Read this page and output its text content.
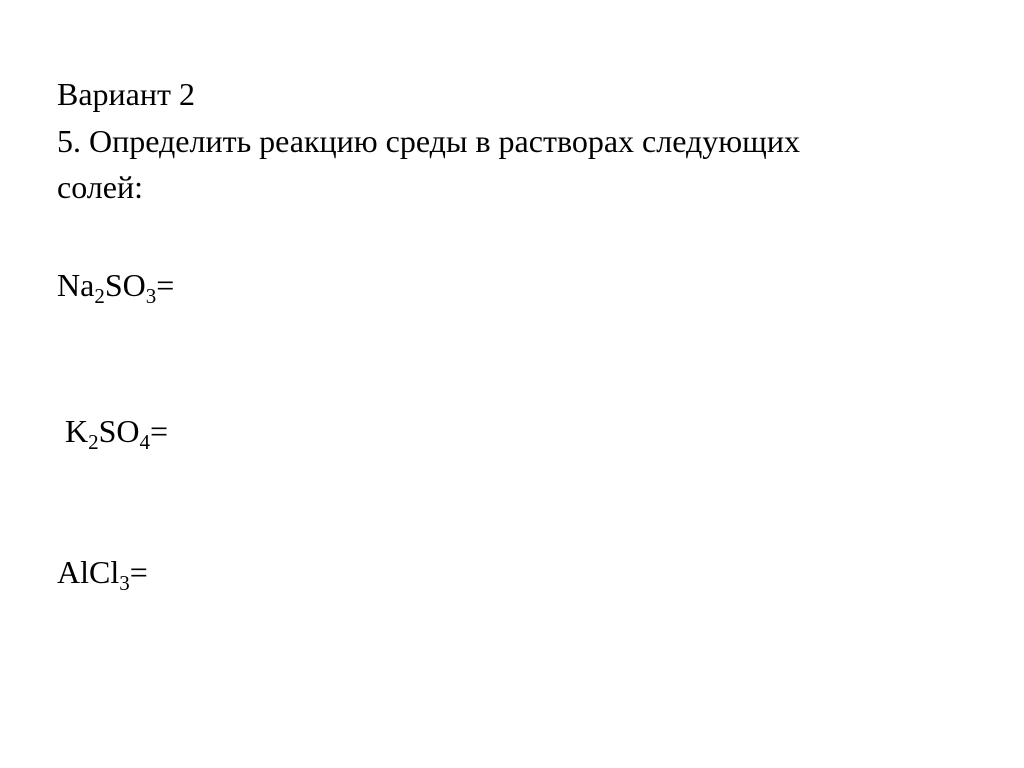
Вариант 2
5. Определить реакцию среды в растворах следующих
солей:
$Na_2SO_3=$
$K_2SO_4=$
AlCl$_3$=
